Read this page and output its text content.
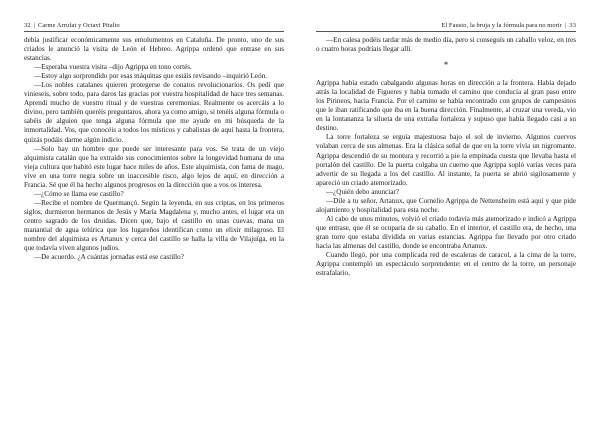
32 | Carme Arrufat y Octavi Pitalto

debía justificar económicamente sus emolumentos en Cataluña. De pronto, uno de sus criados le anunció la visita de León el Hebreo. Agrippa ordenó que entrase en sus estancias.

—Esperaba vuestra visita –dijo Agrippa en tono cortés.

—Estoy algo sorprendido por esas máquinas que estáis revisando –inquirió León.

—Los nobles catalanes quieren protegerse de conatos revolucionarios. Os pedí que vinieseis, sobre todo, para daros las gracias por vuestra hospitalidad de hace tres semanas. Aprendí mucho de vuestro ritual y de vuestras ceremonias. Realmente os acercáis a lo divino, pero también queréis preguntaros, ahora ya como amigo, si tenéis alguna fórmula o sabéis de alguien que tenga alguna fórmula que me ayude en mi búsqueda de la inmortalidad. Vos, que conocéis a todos los místicos y cabalistas de aquí hasta la frontera, quizás podáis darme algún indicio.

—Solo hay un hombre que puede ser interesante para vos. Se trata de un viejo alquimista catalán que ha extraído sus conocimientos sobre la longevidad humana de una vieja cultura que habitó este lugar hace miles de años. Este alquimista, con fama de mago, vive en una torre negra sobre un inaccesible risco, algo lejos de aquí, en dirección a Francia. Sé que él ha hecho algunos progresos en la dirección que a vos os interesa.

—¿Cómo se llama ese castillo?

—Recibe el nombre de Quermançó. Según la leyenda, en sus criptas, en los primeros siglos, durmieron hermanos de Jesús y María Magdalena y, mucho antes, el lugar era un centro sagrado de los druidas. Dicen que, bajo el castillo en unas cuevas, mana un manantial de agua telúrica que los lugareños identifican como un elixir milagroso. El nombre del alquimista es Artanux y cerca del castillo se halla la villa de Vilajuïga, en la que todavía viven algunos judíos.

—De acuerdo. ¿A cuántas jornadas está ese castillo?

El Fausto, la bruja y la fórmula para no morir | 33

—En calesa podéis tardar más de medio día, pero si conseguís un caballo veloz, en tres o cuatro horas podríais llegar allí.

*

Agrippa había estado cabalgando algunas horas en dirección a la frontera. Había dejado atrás la localidad de Figueres y había tomado el camino que conducía al gran paso entre los Pirineos, hacia Francia. Por el camino se había encontrado con grupos de campesinos que le iban ratificando que iba en la buena dirección. Finalmente, al cruzar una vereda, vio en la lontananza la silueta de una extraña fortaleza y supuso que había llegado casi a su destino.

La torre fortaleza se erguía majestuosa bajo el sol de invierno. Algunos cuervos volaban cerca de sus almenas. Era la clásica señal de que en la torre vivía un nigromante. Agrippa descendió de su montura y recorrió a pie la empinada cuesta que llevaba hasta el portalón del castillo. De la puerta colgaba un cuerno que Agrippa sopló varias veces para advertir de su llegada a los del castillo. Al instante, la puerta se abrió sigilosamente y apareció un criado atemorizado.

—¿Quién debo anunciar?

—Dile a tu señor, Artanux, que Cornelio Agrippa de Nettensheim está aquí y que pide alojamiento y hospitalidad para esta noche.

Al cabo de unos minutos, volvió el criado todavía más atemorizado e indicó a Agrippa que entrase, que él se ocuparía de su caballo. En el interior, el castillo era, de hecho, una gran torre que estaba dividida en varias estancias. Agrippa fue llevado por otro criado hacia las almenas del castillo, donde se encontraba Artanux.

Cuando llegó, por una complicada red de escaleras de caracol, a la cima de la torre, Agrippa contempló un espectáculo sorprendente: en el centro de la torre, un personaje estrafalario,
